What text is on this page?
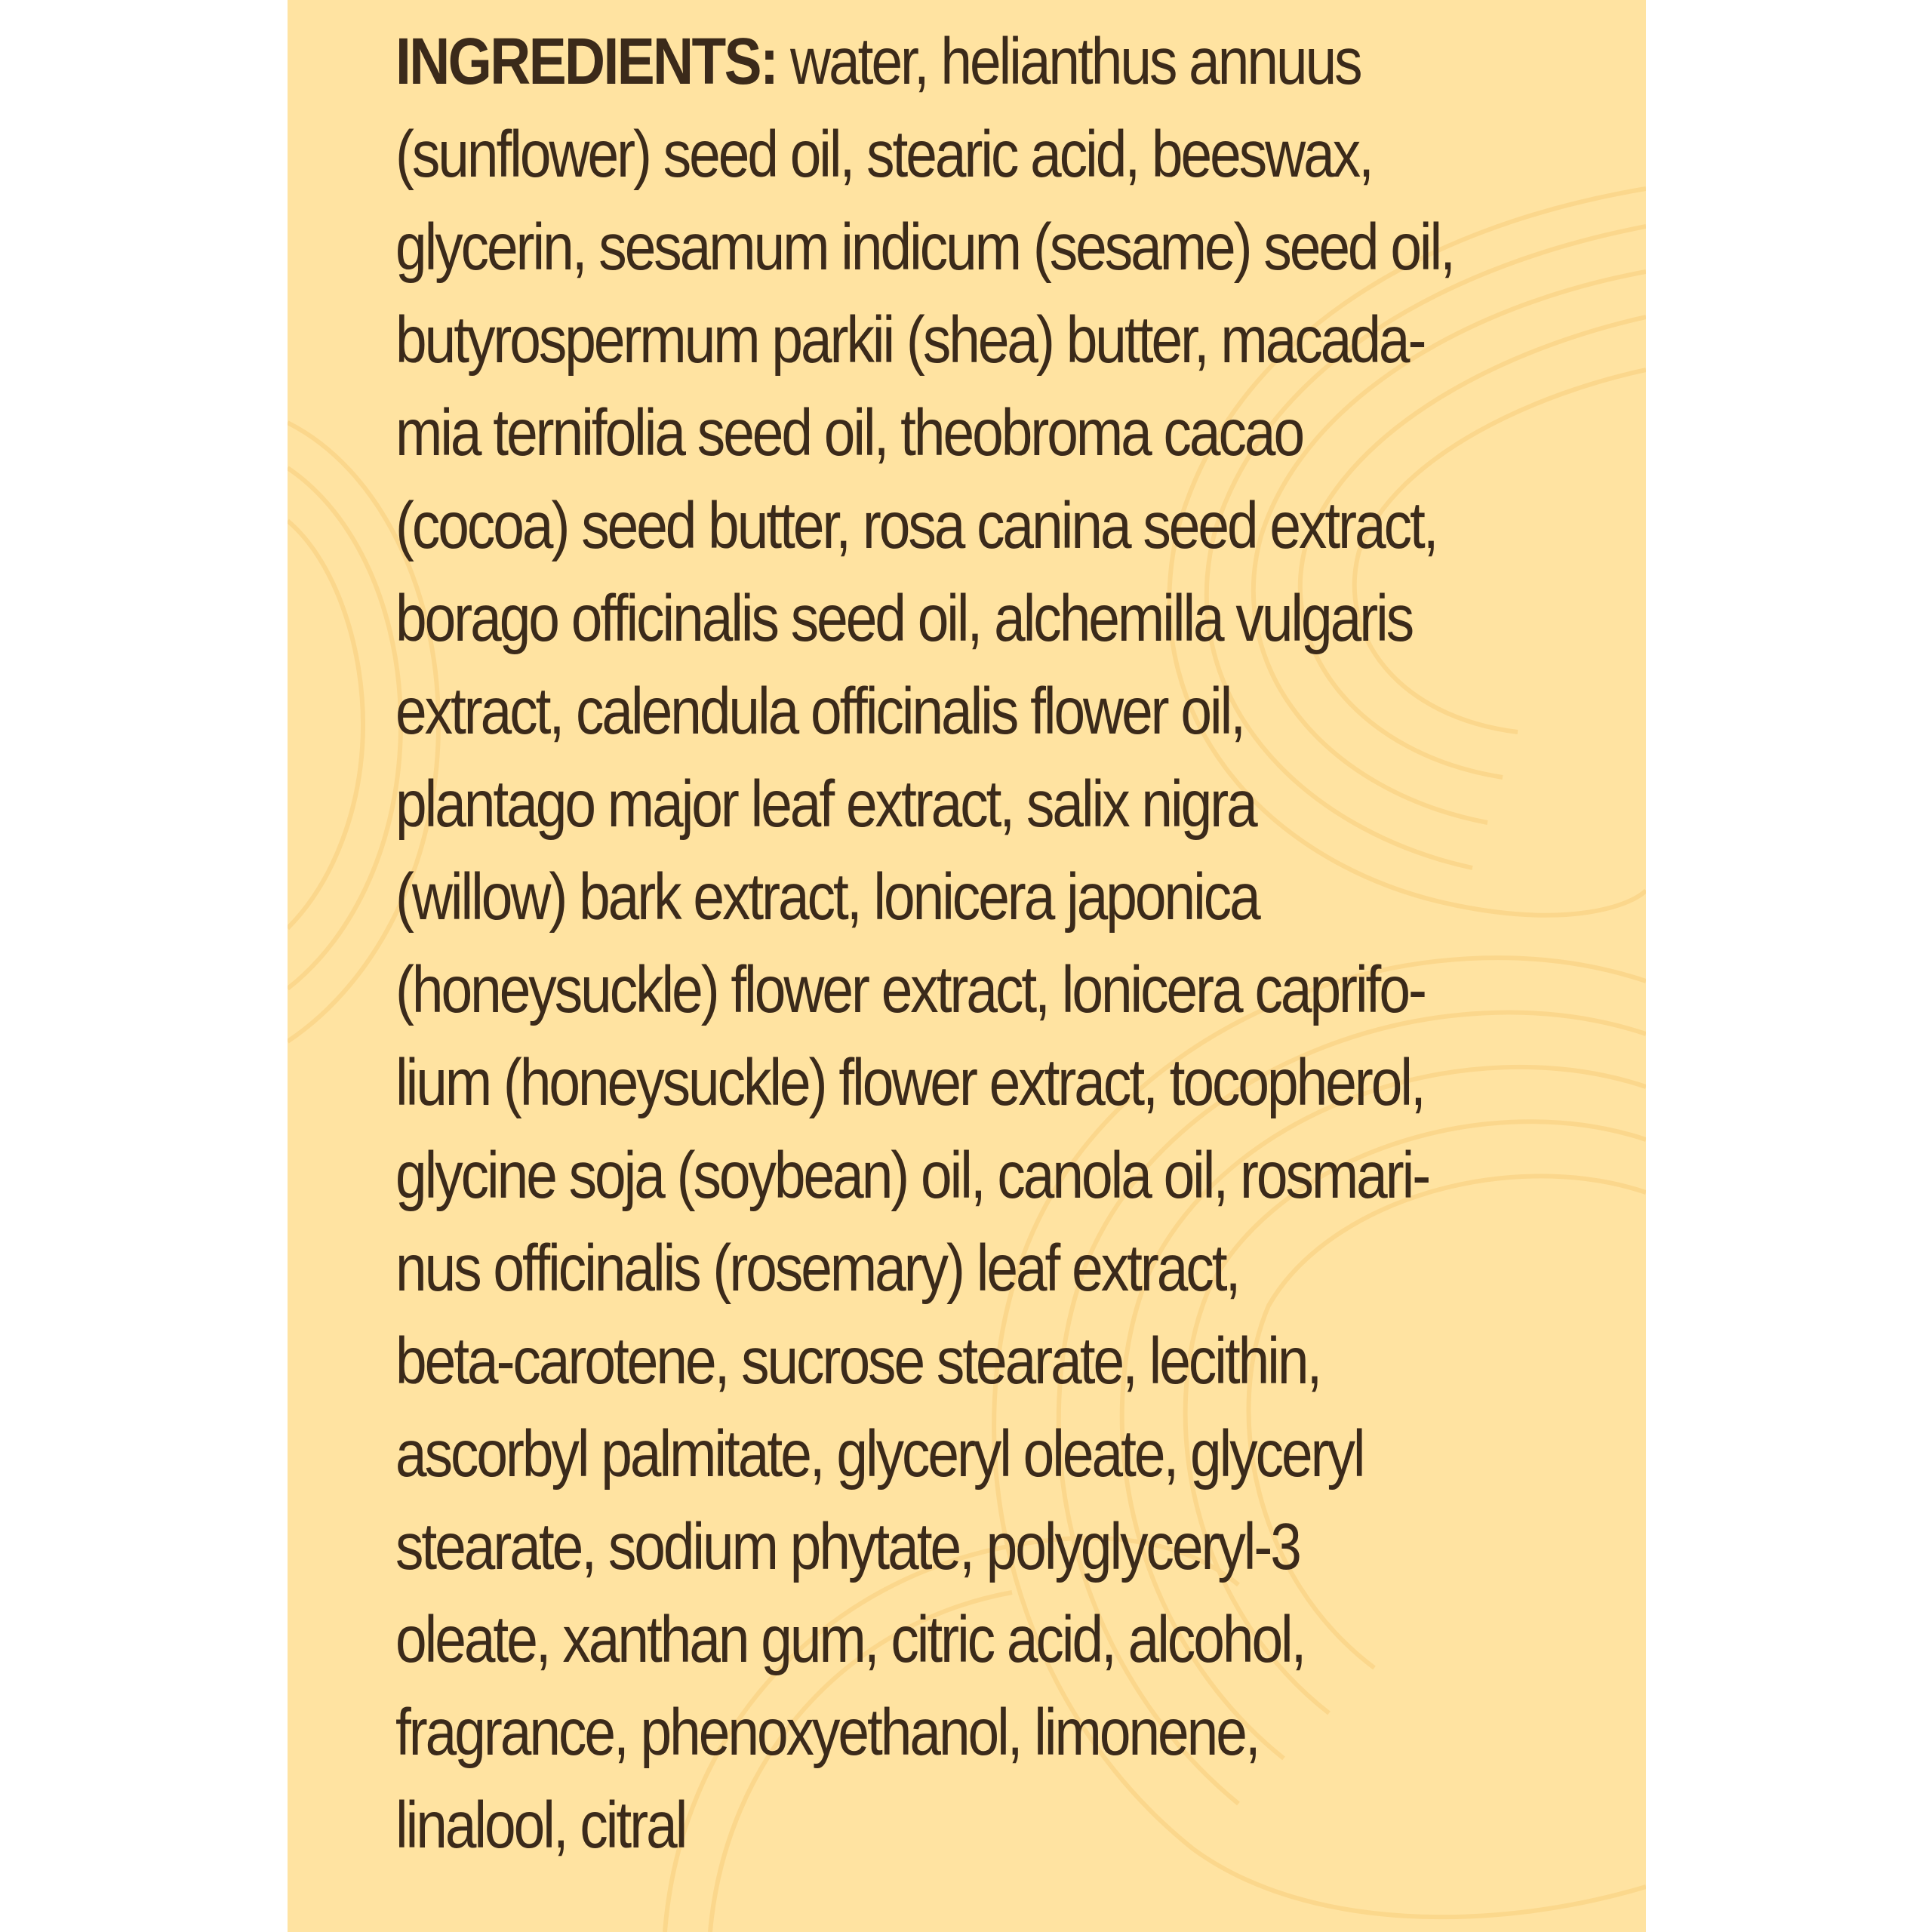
INGREDIENTS: water, helianthus annuus
(sunflower) seed oil, stearic acid, beeswax,
glycerin, sesamum indicum (sesame) seed oil,
butyrospermum parkii (shea) butter, macada-
mia ternifolia seed oil, theobroma cacao
(cocoa) seed butter, rosa canina seed extract,
borago officinalis seed oil, alchemilla vulgaris
extract, calendula officinalis flower oil,
plantago major leaf extract, salix nigra
(willow) bark extract, lonicera japonica
(honeysuckle) flower extract, lonicera caprifo-
lium (honeysuckle) flower extract, tocopherol,
glycine soja (soybean) oil, canola oil, rosmari-
nus officinalis (rosemary) leaf extract,
beta-carotene, sucrose stearate, lecithin,
ascorbyl palmitate, glyceryl oleate, glyceryl
stearate, sodium phytate, polyglyceryl-3
oleate, xanthan gum, citric acid, alcohol,
fragrance, phenoxyethanol, limonene,
linalool, citral
